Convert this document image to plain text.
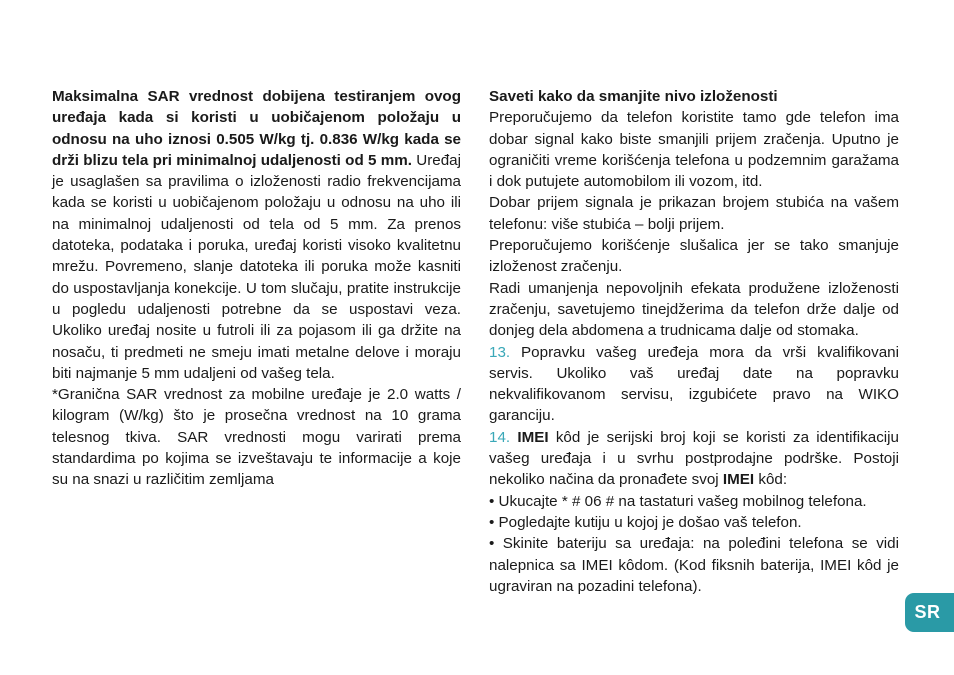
Maksimalna SAR vrednost dobijena testiranjem ovog uređaja kada si koristi u uobičajenom položaju u odnosu na uho iznosi 0.505 W/kg tj. 0.836 W/kg kada se drži blizu tela pri minimalnoj udaljenosti od 5 mm. Uređaj je usaglašen sa pravilima o izloženosti radio frekvencijama kada se koristi u uobičajenom položaju u odnosu na uho ili na minimalnoj udaljenosti od tela od 5 mm. Za prenos datoteka, podataka i poruka, uređaj koristi visoko kvalitetnu mrežu. Povremeno, slanje datoteka ili poruka može kasniti do uspostavljanja konekcije. U tom slučaju, pratite instrukcije u pogledu udaljenosti potrebne da se uspostavi veza. Ukoliko uređaj nosite u futroli ili za pojasom ili ga držite na nosaču, ti predmeti ne smeju imati metalne delove i moraju biti najmanje 5 mm udaljeni od vašeg tela.

*Granična SAR vrednost za mobilne uređaje je 2.0 watts / kilogram (W/kg) što je prosečna vrednost na 10 grama telesnog tkiva. SAR vrednosti mogu varirati prema standardima po kojima se izveštavaju te informacije a koje su na snazi u različitim zemljama

Saveti kako da smanjite nivo izloženosti

Preporučujemo da telefon koristite tamo gde telefon ima dobar signal kako biste smanjili prijem zračenja. Uputno je ograničiti vreme korišćenja telefona u podzemnim garažama i dok putujete automobilom ili vozom, itd.

Dobar prijem signala je prikazan brojem stubića na vašem telefonu: više stubića – bolji prijem.

Preporučujemo korišćenje slušalica jer se tako smanjuje izloženost zračenju.

Radi umanjenja nepovoljnih efekata produžene izloženosti zračenju, savetujemo tinejdžerima da telefon drže dalje od donjeg dela abdomena a trudnicama dalje od stomaka.

13. Popravku vašeg uređeja mora da vrši kvalifikovani servis. Ukoliko vaš uređaj date na popravku nekvalifikovanom servisu, izgubićete pravo na WIKO garanciju.

14. IMEI kôd je serijski broj koji se koristi za identifikaciju vašeg uređaja i u svrhu postprodajne podrške. Postoji nekoliko načina da pronađete svoj IMEI kôd:

• Ukucajte * # 06 # na tastaturi vašeg mobilnog telefona.

• Pogledajte kutiju u kojoj je došao vaš telefon.

• Skinite bateriju sa uređaja: na poleđini telefona se vidi nalepnica sa IMEI kôdom. (Kod fiksnih baterija, IMEI kôd je ugraviran na pozadini telefona).

SR
